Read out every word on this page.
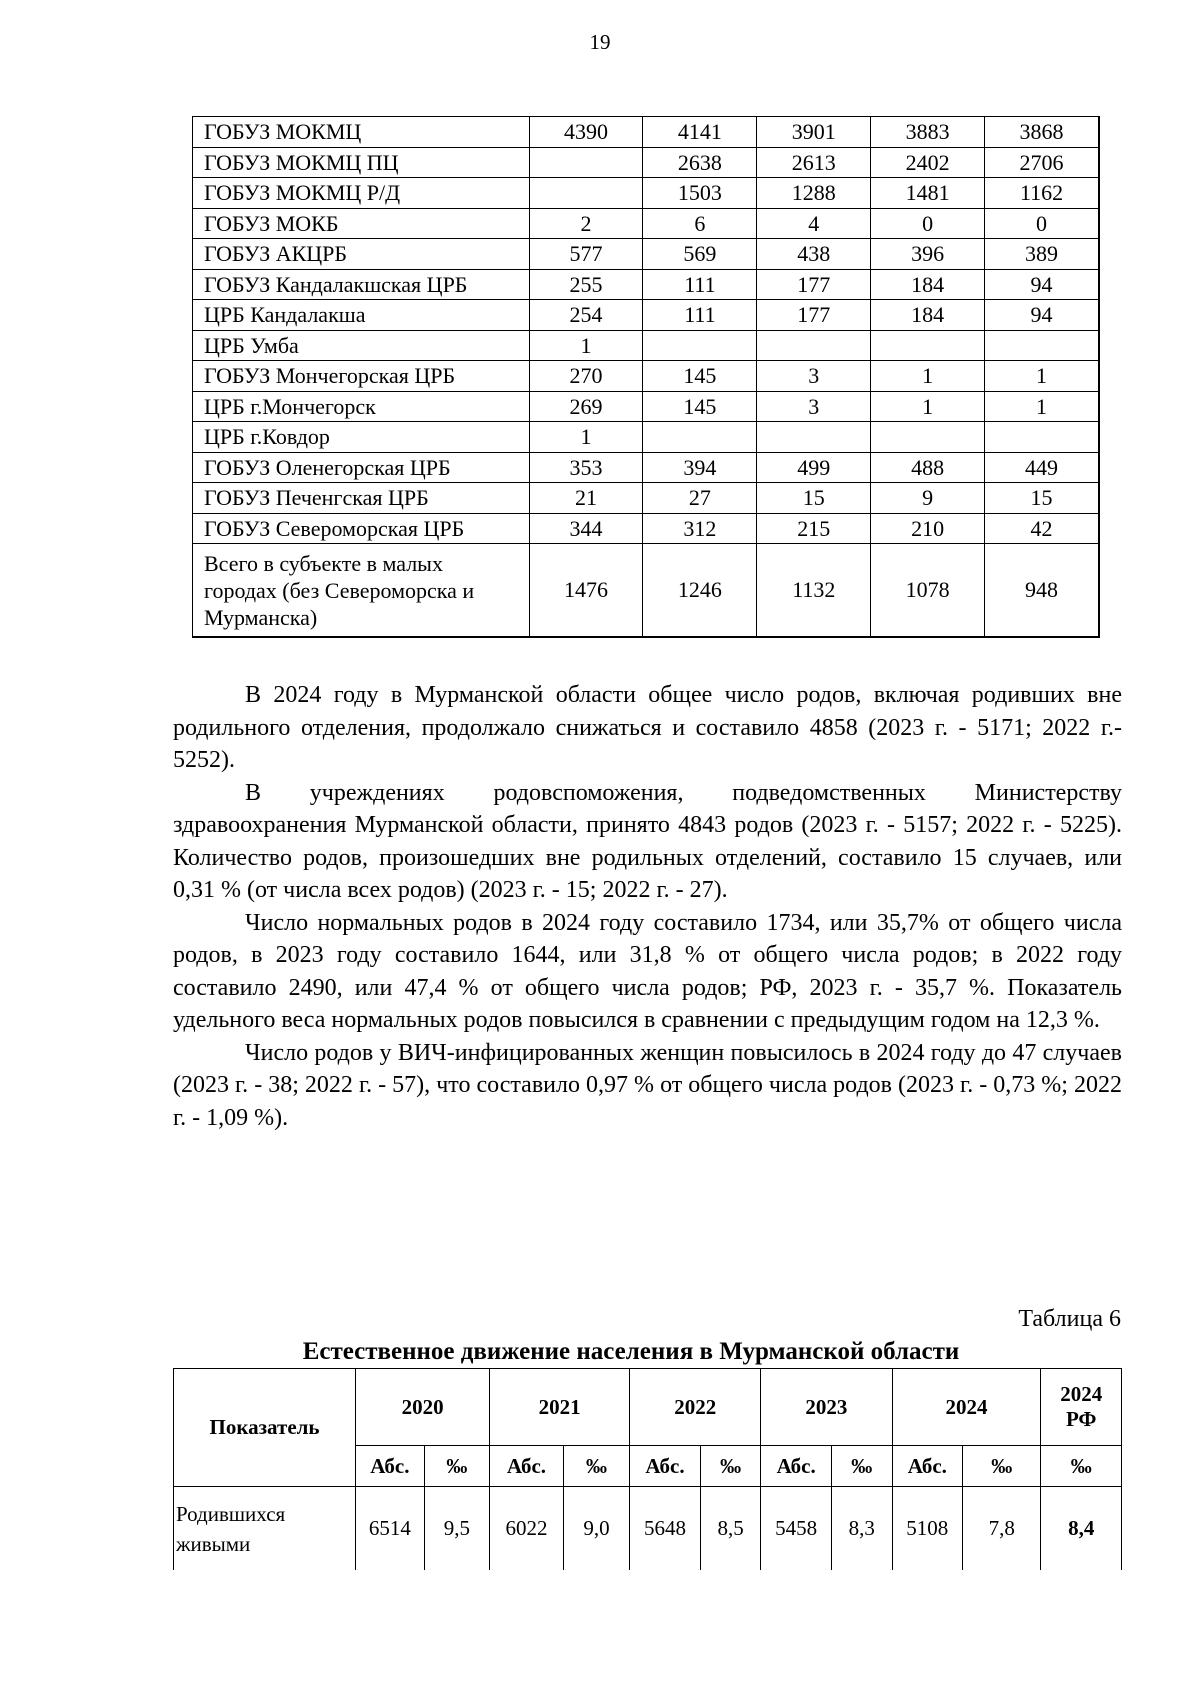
19
ГОБУЗ МОКМЦ	4390	4141	3901	3883	3868
ГОБУЗ МОКМЦ ПЦ		2638	2613	2402	2706
ГОБУЗ МОКМЦ Р/Д		1503	1288	1481	1162
ГОБУЗ МОКБ	2	6	4	0	0
ГОБУЗ АКЦРБ	577	569	438	396	389
ГОБУЗ Кандалакшская ЦРБ	255	111	177	184	94
ЦРБ Кандалакша	254	111	177	184	94
ЦРБ Умба	1				
ГОБУЗ Мончегорская ЦРБ	270	145	3	1	1
ЦРБ г.Мончегорск	269	145	3	1	1
ЦРБ г.Ковдор	1				
ГОБУЗ Оленегорская ЦРБ	353	394	499	488	449
ГОБУЗ Печенгская ЦРБ	21	27	15	9	15
ГОБУЗ Североморская ЦРБ	344	312	215	210	42

Всего в субъекте в малых
городах (без Североморска и
Мурманска)	1476	1246	1132	1078	948

В 2024 году в Мурманской области общее число родов, включая родивших вне родильного отделения, продолжало снижаться и составило 4858 (2023 г. - 5171; 2022 г.- 5252).

В учреждениях родовспоможения, подведомственных Министерству здравоохранения Мурманской области, принято 4843 родов (2023 г. - 5157; 2022 г. - 5225). Количество родов, произошедших вне родильных отделений, составило 15 случаев, или 0,31 % (от числа всех родов) (2023 г. - 15; 2022 г. - 27).

Число нормальных родов в 2024 году составило 1734, или 35,7% от общего числа родов, в 2023 году составило 1644, или 31,8 % от общего числа родов; в 2022 году составило 2490, или 47,4 % от общего числа родов; РФ, 2023 г. - 35,7 %. Показатель удельного веса нормальных родов повысился в сравнении с предыдущим годом на 12,3 %.

Число родов у ВИЧ-инфицированных женщин повысилось в 2024 году до 47 случаев (2023 г. - 38; 2022 г. - 57), что составило 0,97 % от общего числа родов (2023 г. - 0,73 %; 2022 г. - 1,09 %).

Таблица 6
Естественное движение населения в Мурманской области
Показатель	2020		2021		2022		2023		2024		2024
РФ

	Абс.	‰	Абс.	‰	Абс.	‰	Абс.	‰	Абс.	‰	‰

Родившихся
живыми	6514	9,5	6022	9,0	5648	8,5	5458	8,3	5108	7,8	8,4
